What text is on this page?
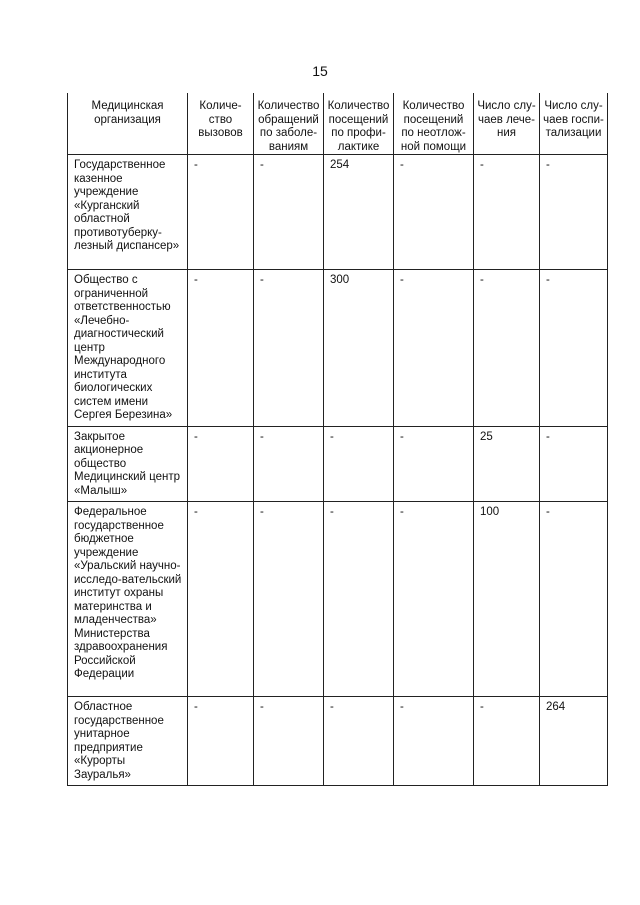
15
Медицинская организация	Количе-ство вызовов	Количество обращений по заболе-ваниям	Количество посещений по профи-лактике	Количество посещений по неотлож-ной помощи	Число слу-чаев лече-ния	Число слу-чаев госпи-тализации
Государственное казенное учреждение «Курганский областной противотуберку-лезный диспансер»	-	-	254	-	-	-
Общество с ограниченной ответственностью «Лечебно-диагностический центр Международного института биологических систем имени Сергея Березина»	-	-	300	-	-	-
Закрытое акционерное общество Медицинский центр «Малыш»	-	-	-	-	25	-
Федеральное государственное бюджетное учреждение «Уральский научно-исследо-вательский институт охраны материнства и младенчества» Министерства здравоохранения Российской Федерации	-	-	-	-	100	-
Областное государственное унитарное предприятие «Курорты Зауралья»	-	-	-	-	-	264
